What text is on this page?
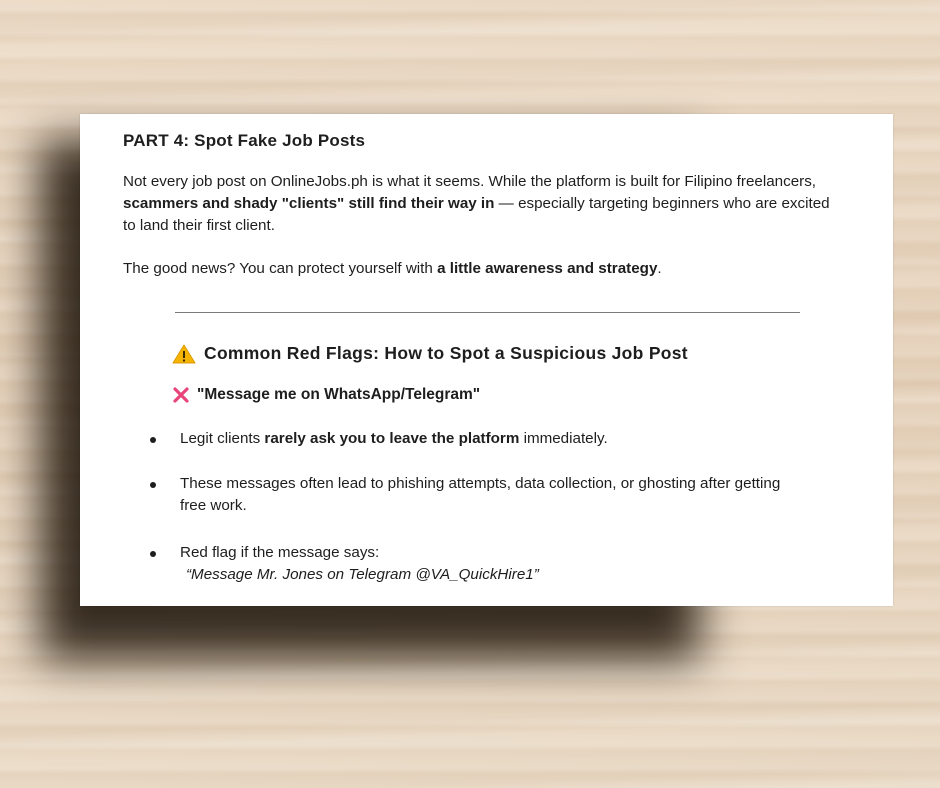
PART 4: Spot Fake Job Posts

Not every job post on OnlineJobs.ph is what it seems. While the platform is built for Filipino freelancers, scammers and shady "clients" still find their way in — especially targeting beginners who are excited to land their first client.

The good news? You can protect yourself with a little awareness and strategy.

Common Red Flags: How to Spot a Suspicious Job Post
"Message me on WhatsApp/Telegram"
Legit clients rarely ask you to leave the platform immediately.
These messages often lead to phishing attempts, data collection, or ghosting after getting free work.
Red flag if the message says:
“Message Mr. Jones on Telegram @VA_QuickHire1”
